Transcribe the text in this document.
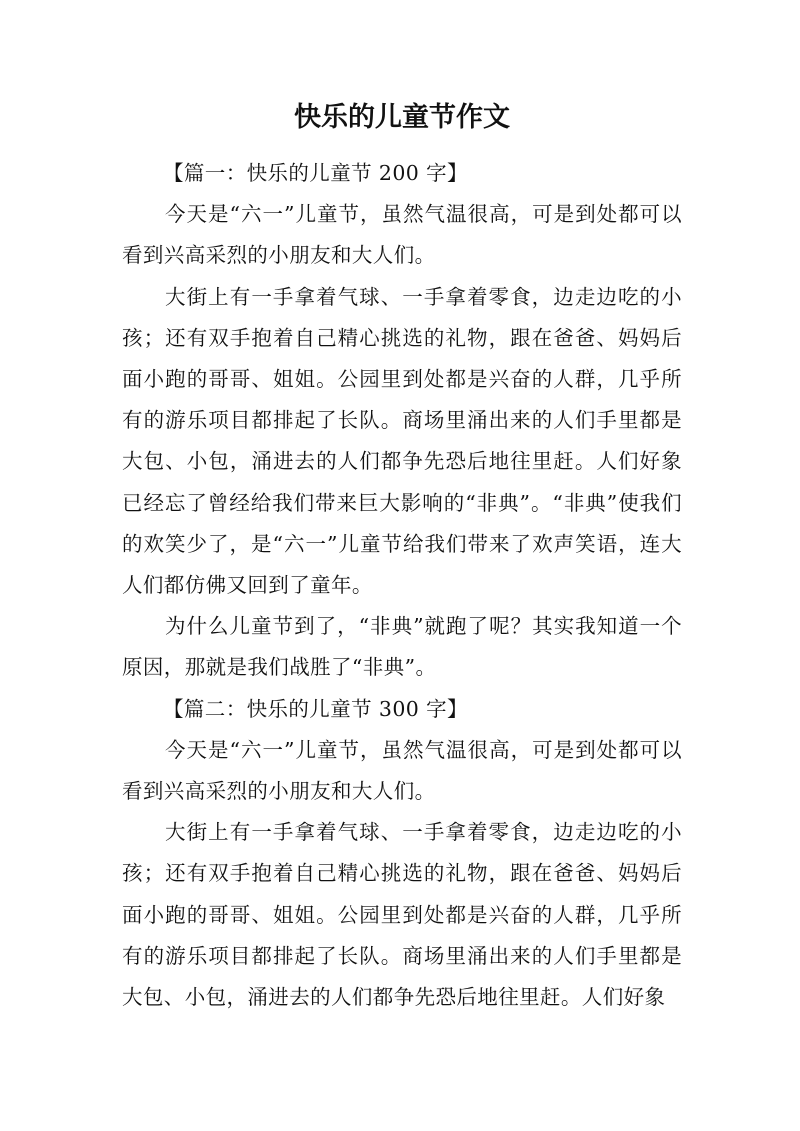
快乐的儿童节作文

【篇一：快乐的儿童节 200 字】

今天是“六一”儿童节，虽然气温很高，可是到处都可以看到兴高采烈的小朋友和大人们。

大街上有一手拿着气球、一手拿着零食，边走边吃的小孩；还有双手抱着自己精心挑选的礼物，跟在爸爸、妈妈后面小跑的哥哥、姐姐。公园里到处都是兴奋的人群，几乎所有的游乐项目都排起了长队。商场里涌出来的人们手里都是大包、小包，涌进去的人们都争先恐后地往里赶。人们好象已经忘了曾经给我们带来巨大影响的“非典”。“非典”使我们的欢笑少了，是“六一”儿童节给我们带来了欢声笑语，连大人们都仿佛又回到了童年。

为什么儿童节到了，“非典”就跑了呢？其实我知道一个原因，那就是我们战胜了“非典”。

【篇二：快乐的儿童节 300 字】

今天是“六一”儿童节，虽然气温很高，可是到处都可以看到兴高采烈的小朋友和大人们。

大街上有一手拿着气球、一手拿着零食，边走边吃的小孩；还有双手抱着自己精心挑选的礼物，跟在爸爸、妈妈后面小跑的哥哥、姐姐。公园里到处都是兴奋的人群，几乎所有的游乐项目都排起了长队。商场里涌出来的人们手里都是大包、小包，涌进去的人们都争先恐后地往里赶。人们好象
